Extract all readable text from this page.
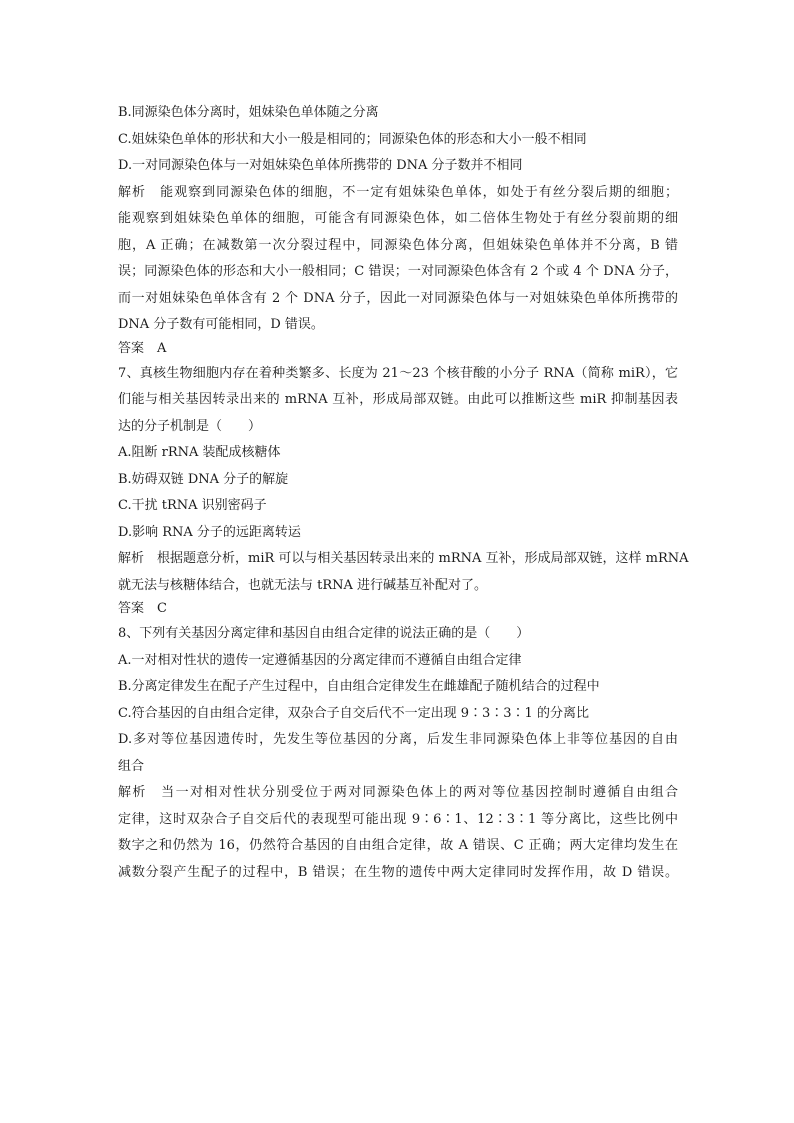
B.同源染色体分离时，姐妹染色单体随之分离
C.姐妹染色单体的形状和大小一般是相同的；同源染色体的形态和大小一般不相同
D.一对同源染色体与一对姐妹染色单体所携带的 DNA 分子数并不相同
解析　能观察到同源染色体的细胞，不一定有姐妹染色单体，如处于有丝分裂后期的细胞；
能观察到姐妹染色单体的细胞，可能含有同源染色体，如二倍体生物处于有丝分裂前期的细
胞，A 正确；在减数第一次分裂过程中，同源染色体分离，但姐妹染色单体并不分离，B 错
误；同源染色体的形态和大小一般相同；C 错误；一对同源染色体含有 2 个或 4 个 DNA 分子，
而一对姐妹染色单体含有 2 个 DNA 分子，因此一对同源染色体与一对姐妹染色单体所携带的
DNA 分子数有可能相同，D 错误。
答案　A
7、真核生物细胞内存在着种类繁多、长度为 21～23 个核苷酸的小分子 RNA（简称 miR），它
们能与相关基因转录出来的 mRNA 互补，形成局部双链。由此可以推断这些 miR 抑制基因表
达的分子机制是（　　）
A.阻断 rRNA 装配成核糖体
B.妨碍双链 DNA 分子的解旋
C.干扰 tRNA 识别密码子
D.影响 RNA 分子的远距离转运
解析　根据题意分析，miR 可以与相关基因转录出来的 mRNA 互补，形成局部双链，这样 mRNA
就无法与核糖体结合，也就无法与 tRNA 进行碱基互补配对了。
答案　C
8、下列有关基因分离定律和基因自由组合定律的说法正确的是（　　）
A.一对相对性状的遗传一定遵循基因的分离定律而不遵循自由组合定律
B.分离定律发生在配子产生过程中，自由组合定律发生在雌雄配子随机结合的过程中
C.符合基因的自由组合定律，双杂合子自交后代不一定出现 9∶3∶3∶1 的分离比
D.多对等位基因遗传时，先发生等位基因的分离，后发生非同源染色体上非等位基因的自由
组合
解析　当一对相对性状分别受位于两对同源染色体上的两对等位基因控制时遵循自由组合
定律，这时双杂合子自交后代的表现型可能出现 9∶6∶1、12∶3∶1 等分离比，这些比例中
数字之和仍然为 16，仍然符合基因的自由组合定律，故 A 错误、C 正确；两大定律均发生在
减数分裂产生配子的过程中，B 错误；在生物的遗传中两大定律同时发挥作用，故 D 错误。
